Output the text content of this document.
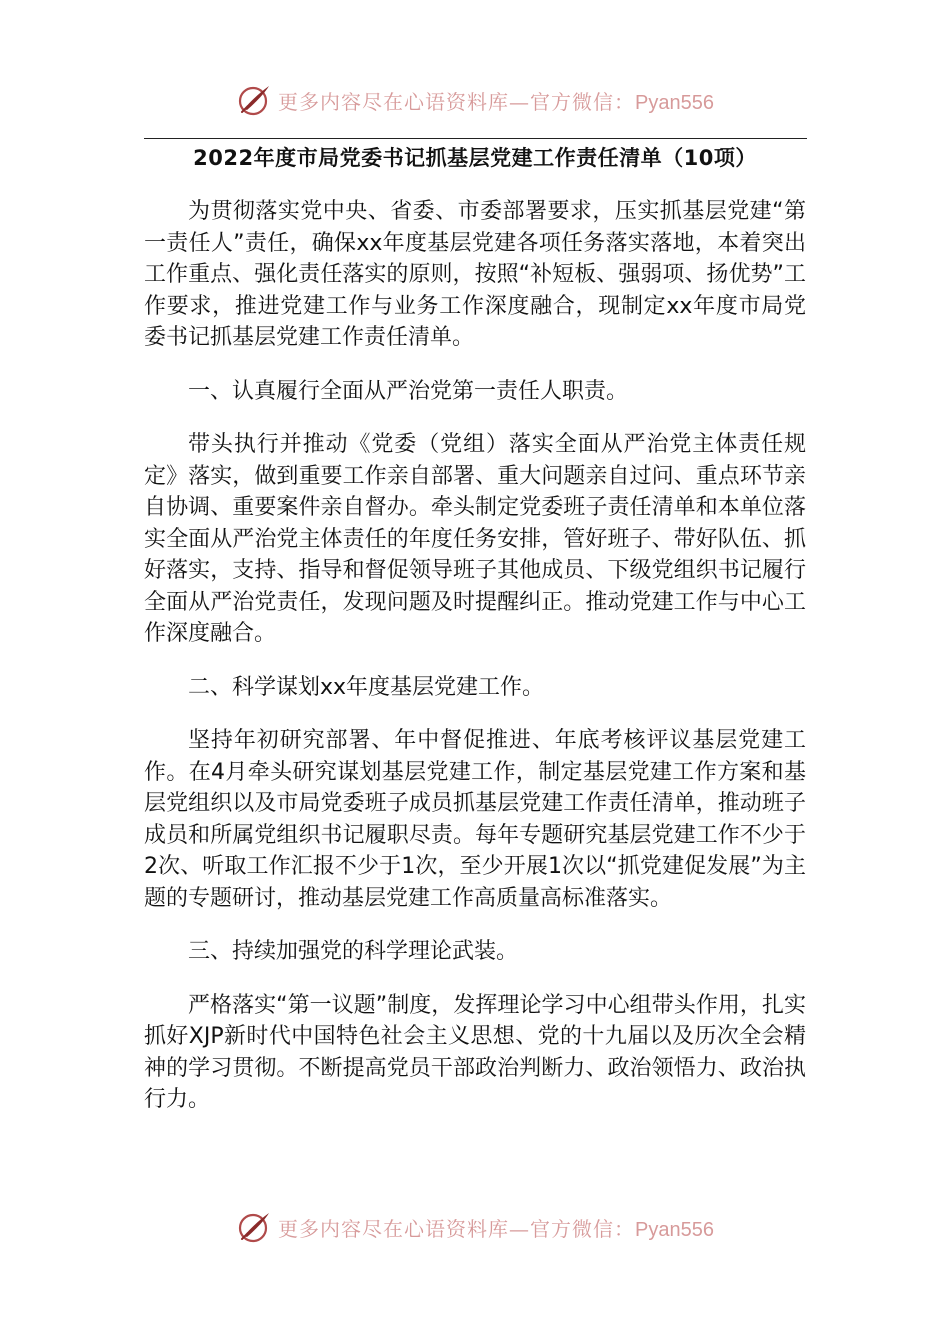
更多内容尽在心语资料库—官方微信：Pyan556
2022年度市局党委书记抓基层党建工作责任清单（10项）

为贯彻落实党中央、省委、市委部署要求，压实抓基层党建“第一责任人”责任，确保xx年度基层党建各项任务落实落地，本着突出工作重点、强化责任落实的原则，按照“补短板、强弱项、扬优势”工作要求，推进党建工作与业务工作深度融合，现制定xx年度市局党委书记抓基层党建工作责任清单。

一、认真履行全面从严治党第一责任人职责。

带头执行并推动《党委（党组）落实全面从严治党主体责任规定》落实，做到重要工作亲自部署、重大问题亲自过问、重点环节亲自协调、重要案件亲自督办。牵头制定党委班子责任清单和本单位落实全面从严治党主体责任的年度任务安排，管好班子、带好队伍、抓好落实，支持、指导和督促领导班子其他成员、下级党组织书记履行全面从严治党责任，发现问题及时提醒纠正。推动党建工作与中心工作深度融合。

二、科学谋划xx年度基层党建工作。

坚持年初研究部署、年中督促推进、年底考核评议基层党建工作。在4月牵头研究谋划基层党建工作，制定基层党建工作方案和基层党组织以及市局党委班子成员抓基层党建工作责任清单，推动班子成员和所属党组织书记履职尽责。每年专题研究基层党建工作不少于2次、听取工作汇报不少于1次，至少开展1次以“抓党建促发展”为主题的专题研讨，推动基层党建工作高质量高标准落实。

三、持续加强党的科学理论武装。

严格落实“第一议题”制度，发挥理论学习中心组带头作用，扎实抓好XJP新时代中国特色社会主义思想、党的十九届以及历次全会精神的学习贯彻。不断提高党员干部政治判断力、政治领悟力、政治执行力。

更多内容尽在心语资料库—官方微信：Pyan556
